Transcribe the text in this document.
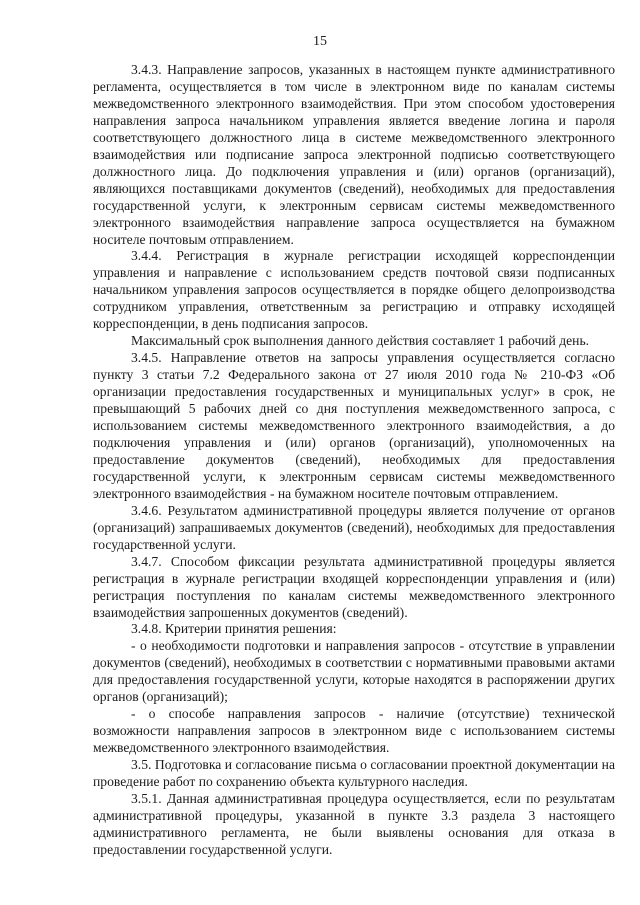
15

3.4.3. Направление запросов, указанных в настоящем пункте административного регламента, осуществляется в том числе в электронном виде по каналам системы межведомственного электронного взаимодействия. При этом способом удостоверения направления запроса начальником управления является введение логина и пароля соответствующего должностного лица в системе межведомственного электронного взаимодействия или подписание запроса электронной подписью соответствующего должностного лица. До подключения управления и (или) органов (организаций), являющихся поставщиками документов (сведений), необходимых для предоставления государственной услуги, к электронным сервисам системы межведомственного электронного взаимодействия направление запроса осуществляется на бумажном носителе почтовым отправлением.

3.4.4. Регистрация в журнале регистрации исходящей корреспонденции управления и направление с использованием средств почтовой связи подписанных начальником управления запросов осуществляется в порядке общего делопроизводства сотрудником управления, ответственным за регистрацию и отправку исходящей корреспонденции, в день подписания запросов.

Максимальный срок выполнения данного действия составляет 1 рабочий день.

3.4.5. Направление ответов на запросы управления осуществляется согласно пункту 3 статьи 7.2 Федерального закона от 27 июля 2010 года № 210-ФЗ «Об организации предоставления государственных и муниципальных услуг» в срок, не превышающий 5 рабочих дней со дня поступления межведомственного запроса, с использованием системы межведомственного электронного взаимодействия, а до подключения управления и (или) органов (организаций), уполномоченных на предоставление документов (сведений), необходимых для предоставления государственной услуги, к электронным сервисам системы межведомственного электронного взаимодействия - на бумажном носителе почтовым отправлением.

3.4.6. Результатом административной процедуры является получение от органов (организаций) запрашиваемых документов (сведений), необходимых для предоставления государственной услуги.

3.4.7. Способом фиксации результата административной процедуры является регистрация в журнале регистрации входящей корреспонденции управления и (или) регистрация поступления по каналам системы межведомственного электронного взаимодействия запрошенных документов (сведений).

3.4.8. Критерии принятия решения:

- о необходимости подготовки и направления запросов - отсутствие в управлении документов (сведений), необходимых в соответствии с нормативными правовыми актами для предоставления государственной услуги, которые находятся в распоряжении других органов (организаций);

- о способе направления запросов - наличие (отсутствие) технической возможности направления запросов в электронном виде с использованием системы межведомственного электронного взаимодействия.

3.5. Подготовка и согласование письма о согласовании проектной документации на проведение работ по сохранению объекта культурного наследия.

3.5.1. Данная административная процедура осуществляется, если по результатам административной процедуры, указанной в пункте 3.3 раздела 3 настоящего административного регламента, не были выявлены основания для отказа в предоставлении государственной услуги.
